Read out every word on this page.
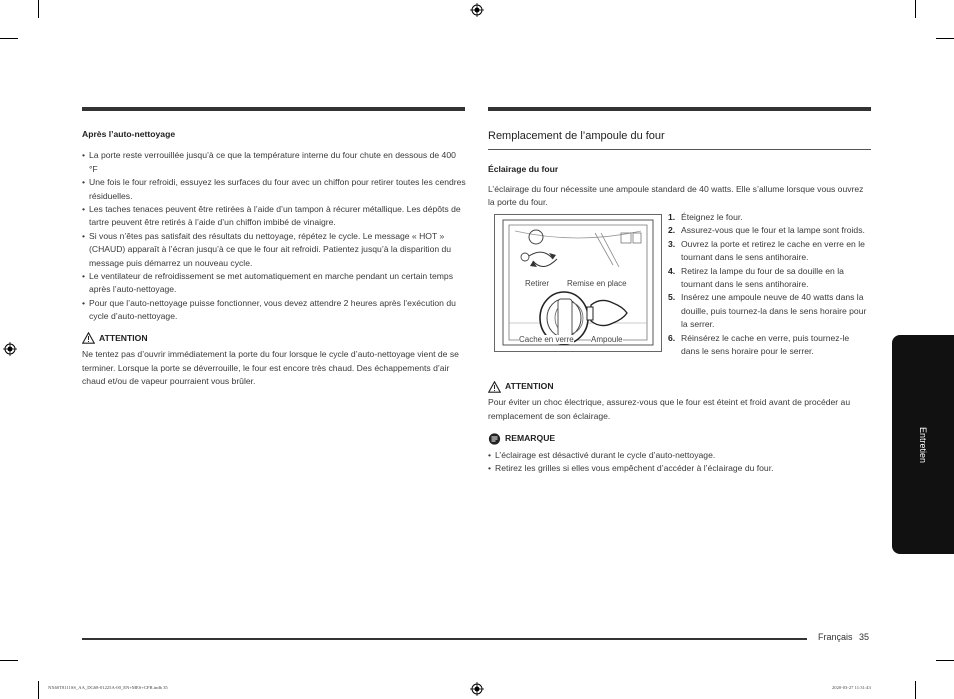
Après l’auto-nettoyage
• La porte reste verrouillée jusqu’à ce que la température interne du four chute en dessous de 400 °F
• Une fois le four refroidi, essuyez les surfaces du four avec un chiffon pour retirer toutes les cendres résiduelles.
• Les taches tenaces peuvent être retirées à l’aide d’un tampon à récurer métallique. Les dépôts de tartre peuvent être retirés à l’aide d’un chiffon imbibé de vinaigre.
• Si vous n’êtes pas satisfait des résultats du nettoyage, répétez le cycle. Le message « HOT » (CHAUD) apparaît à l’écran jusqu’à ce que le four ait refroidi. Patientez jusqu’à la disparition du message puis démarrez un nouveau cycle.
• Le ventilateur de refroidissement se met automatiquement en marche pendant un certain temps après l’auto-nettoyage.
• Pour que l’auto-nettoyage puisse fonctionner, vous devez attendre 2 heures après l’exécution du cycle d’auto-nettoyage.
ATTENTION
Ne tentez pas d’ouvrir immédiatement la porte du four lorsque le cycle d’auto-nettoyage vient de se terminer. Lorsque la porte se déverrouille, le four est encore très chaud. Des échappements d’air chaud et/ou de vapeur pourraient vous brûler.
Remplacement de l’ampoule du four
Éclairage du four
L’éclairage du four nécessite une ampoule standard de 40 watts. Elle s’allume lorsque vous ouvrez la porte du four.
Retirer Remise en place
Cache en verre Ampoule
1. Éteignez le four.
2. Assurez-vous que le four et la lampe sont froids.
3. Ouvrez la porte et retirez le cache en verre en le tournant dans le sens antihoraire.
4. Retirez la lampe du four de sa douille en la tournant dans le sens antihoraire.
5. Insérez une ampoule neuve de 40 watts dans la douille, puis tournez-la dans le sens horaire pour la serrer.
6. Réinsérez le cache en verre, puis tournez-le dans le sens horaire pour le serrer.
ATTENTION
Pour éviter un choc électrique, assurez-vous que le four est éteint et froid avant de procéder au remplacement de son éclairage.
REMARQUE
• L’éclairage est désactivé durant le cycle d’auto-nettoyage.
• Retirez les grilles si elles vous empêchent d’accéder à l’éclairage du four.
Entretien
Français 35
NX60T8111SS_AA_DG68-01225A-00_EN+MES+CFR.indb 35	2020-03-27 11:31:43
